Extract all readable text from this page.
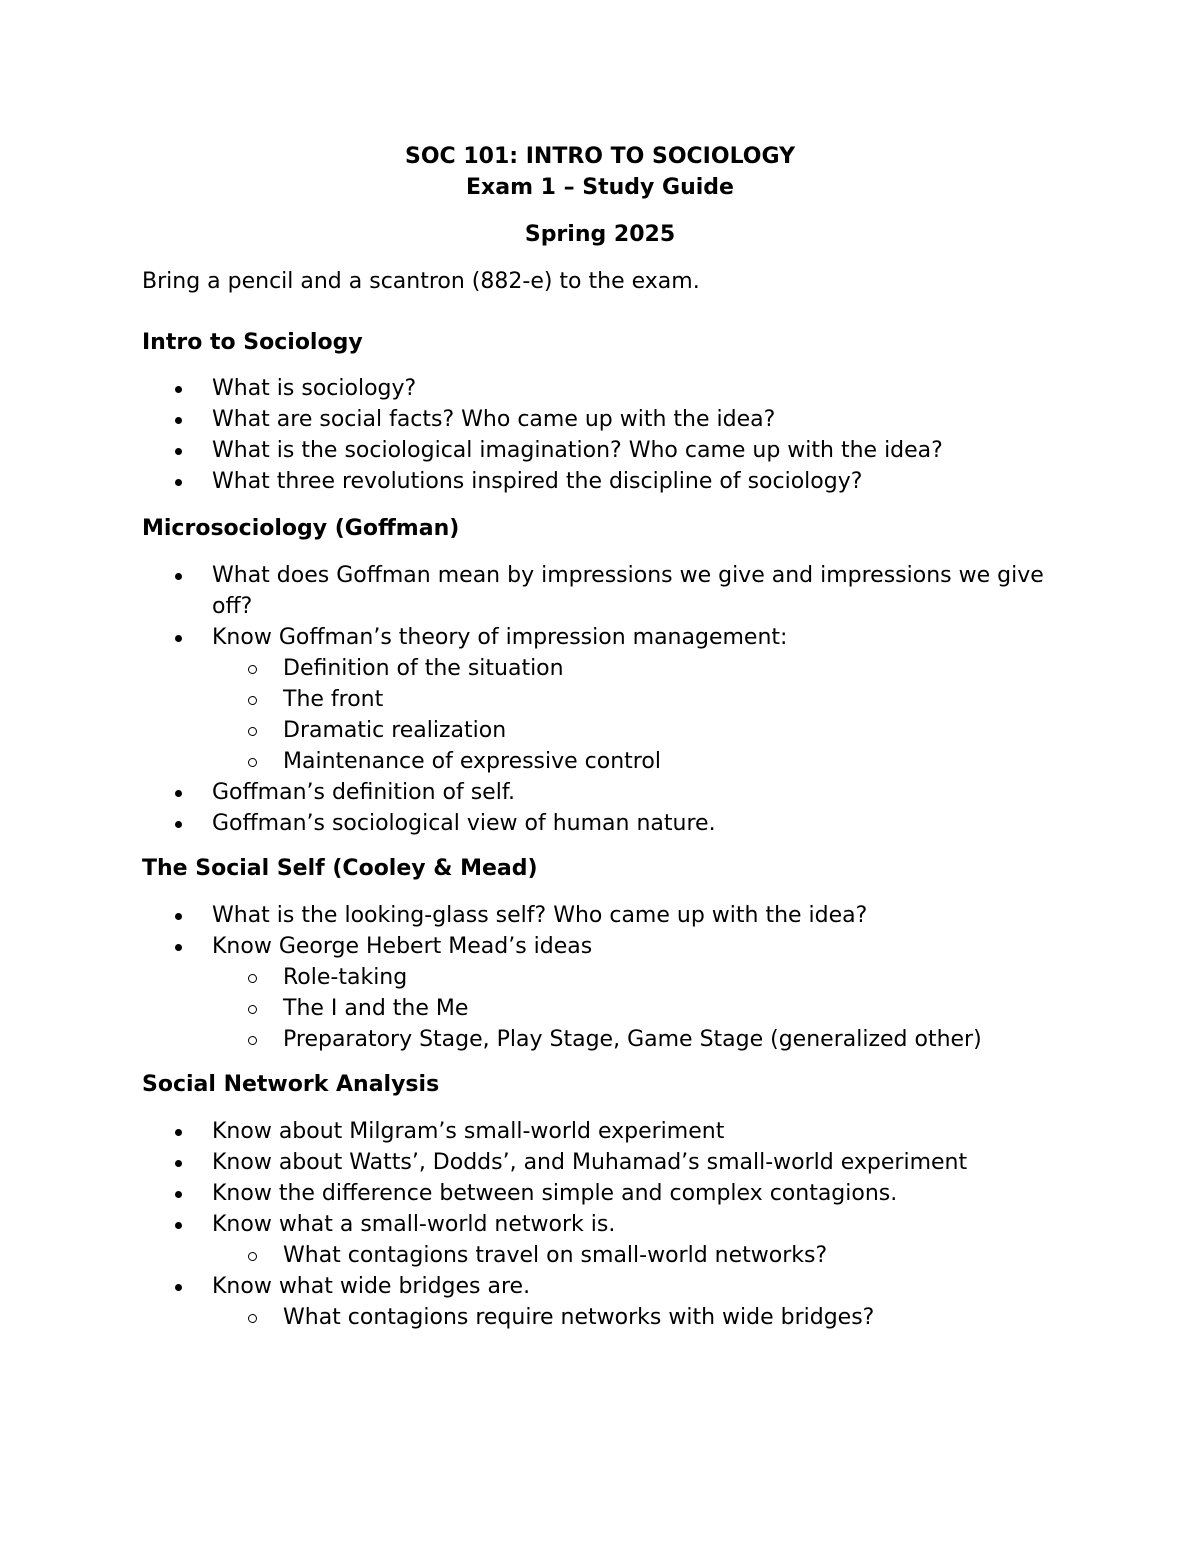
SOC 101: INTRO TO SOCIOLOGY
Exam 1 – Study Guide
Spring 2025
Bring a pencil and a scantron (882-e) to the exam.
Intro to Sociology
What is sociology?
What are social facts? Who came up with the idea?
What is the sociological imagination? Who came up with the idea?
What three revolutions inspired the discipline of sociology?
Microsociology (Goffman)
What does Goffman mean by impressions we give and impressions we give off?
Know Goffman’s theory of impression management:
Definition of the situation
The front
Dramatic realization
Maintenance of expressive control
Goffman’s definition of self.
Goffman’s sociological view of human nature.
The Social Self (Cooley & Mead)
What is the looking-glass self? Who came up with the idea?
Know George Hebert Mead’s ideas
Role-taking
The I and the Me
Preparatory Stage, Play Stage, Game Stage (generalized other)
Social Network Analysis
Know about Milgram’s small-world experiment
Know about Watts’, Dodds’, and Muhamad’s small-world experiment
Know the difference between simple and complex contagions.
Know what a small-world network is.
What contagions travel on small-world networks?
Know what wide bridges are.
What contagions require networks with wide bridges?
